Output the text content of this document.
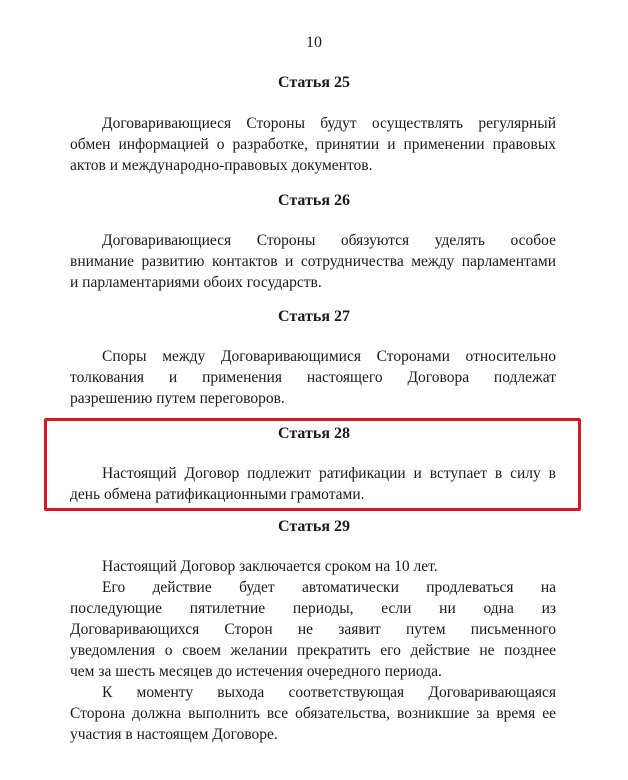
10
Статья 25
Договаривающиеся Стороны будут осуществлять регулярный
обмен информацией о разработке, принятии и применении правовых
актов и международно-правовых документов.
Статья 26
Договаривающиеся Стороны обязуются уделять особое
внимание развитию контактов и сотрудничества между парламентами
и парламентариями обоих государств.
Статья 27
Споры между Договаривающимися Сторонами относительно
толкования и применения настоящего Договора подлежат
разрешению путем переговоров.
Статья 28
Настоящий Договор подлежит ратификации и вступает в силу в
день обмена ратификационными грамотами.
Статья 29
Настоящий Договор заключается сроком на 10 лет.
Его действие будет автоматически продлеваться на
последующие пятилетние периоды, если ни одна из
Договаривающихся Сторон не заявит путем письменного
уведомления о своем желании прекратить его действие не позднее
чем за шесть месяцев до истечения очередного периода.
К моменту выхода соответствующая Договаривающаяся
Сторона должна выполнить все обязательства, возникшие за время ее
участия в настоящем Договоре.
